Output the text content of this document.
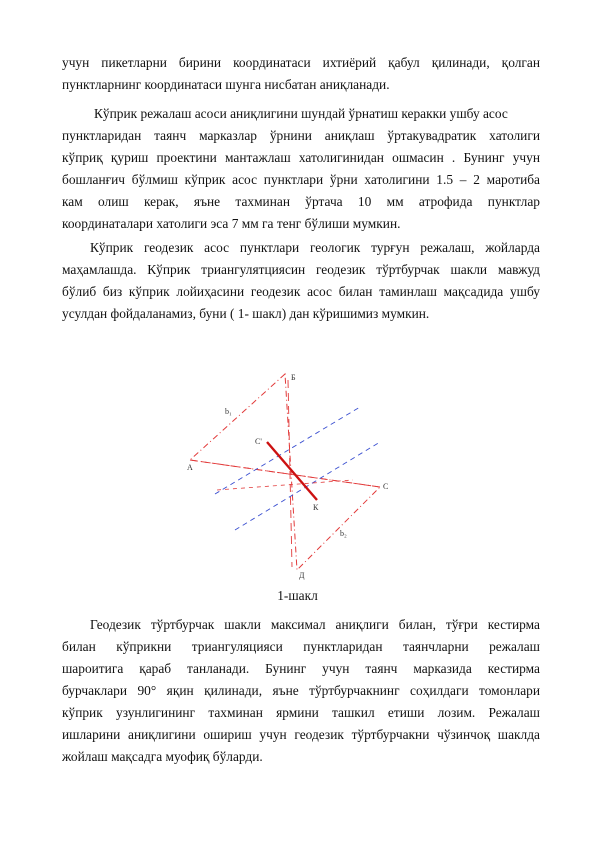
учун пикетларни бирини координатаси ихтиёрий қабул қилинади, қолган
пунктларнинг координатаси шунга нисбатан аниқланади.
Кўприк режалаш асоси аниқлигини шундай ўрнатиш керакки ушбу асос
пунктларидан таянч марказлар ўрнини аниқлаш ўртакувадратик хатолиги
кўприқ қуриш проектини мантажлаш хатолигинидан ошмасин . Бунинг учун
бошланғич бўлмиш кўприк асос пунктлари ўрни хатолигини 1.5 – 2 маротиба
кам олиш керак, яъне тахминан ўртача 10 мм атрофида пунктлар
координаталари хатолиги эса 7 мм га тенг бўлиши мумкин.
Кўприк геодезик асос пунктлари геологик турғун режалаш, жойларда
маҳамлашда. Кўприк триангулятциясин геодезик тўртбурчак шакли мавжуд
бўлиб биз кўприк лойиҳасини геодезик асос билан таминлаш мақсадида ушбу
усулдан фойдаланамиз, буни ( 1- шакл) дан кўришимиз мумкин.
Б
А
С
Д
b₁
b₂
С'
К
1-шакл
Геодезик тўртбурчак шакли максимал аниқлиги билан, тўғри кестирма
билан кўприкни триангуляцияси пунктларидан таянчларни режалаш
шароитига қараб танланади. Бунинг учун таянч марказида кестирма
бурчаклари 90° яқин қилинади, яъне тўртбурчакнинг соҳилдаги томонлари
кўприк узунлигининг тахминан ярмини ташкил етиши лозим. Режалаш
ишларини аниқлигини ошириш учун геодезик тўртбурчакни чўзинчоқ шаклда
жойлаш мақсадга муофиқ бўларди.
